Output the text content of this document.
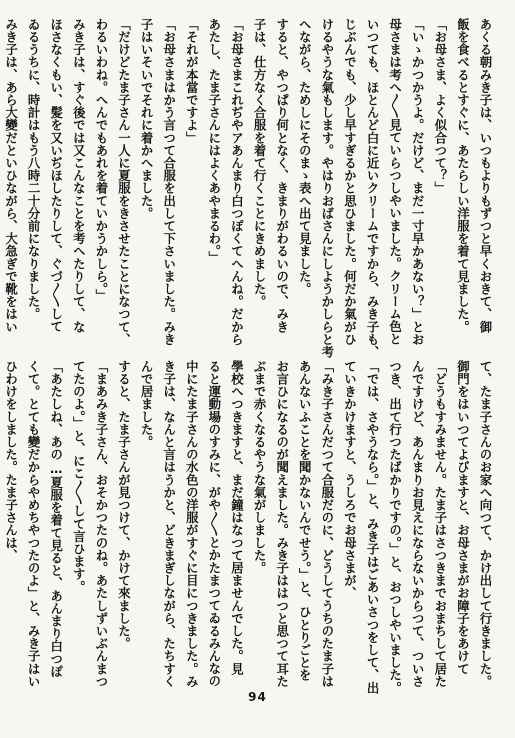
あくる朝みき子は、いつもよりもずつと早くおきて、御
飯を食べるとすぐに、あたらしい洋服を着て見ました。
「お母さま、よく似合つて？」
「いゝかつかうよ。だけど、まだ一寸早かあない？」とお
母さまは考へ〳〵見ていらつしやいました。クリーム色と
いつても、ほとんど白に近いクリームですから、みき子も、
じぶんでも、少し早すぎるかと思ひました。何だか氣がひ
けるやうな氣もします。やはりおばさんにしようかしらと考
へながら、ためしにそのまゝ表へ出て見ました。
すると、やつぱり何となく、きまりがわるいので、みき
子は、仕方なく合服を着て行くことにきめました。
「お母さまこれぢやアあんまり白つぽくてへんね。だから
あたし、たま子さんにはよくあやまるわ。」
「それが本當ですよ」
「お母さまはかう言つて合服を出して下さいました。みき
子はいそいでそれに着かへました。
「だけどたま子さん一人に夏服をきさせたことになつて、
わるいわね。へんでもあれを着ていかうかしら。」
みき子は、すぐ後では又こんなことを考へたりして、な
ほさなくもい、髪を又いぢほしたりして、ぐづ〳〵して
ゐるうちに、時計はもう八時二十分前になりました。
みき子は、あら大變だといひながら、大急ぎで靴をはい
て、たま子さんのお家へ向つて、かけ出して行きました。
御門をはいつてよびますと、お母さまがお障子をあけて
「どうもすみません。たま子はさつきまでおまちして居た
んですけど、あんまりお見えにならないからつて、ついさ
つき、出て行つたばかりですの。」と、おつしやいました。
「では、さやうなら。」と、みき子はごあいさつをして、出
ていきかけますと、うしろでお母さまが、
「みき子さんだつて合服だのに、どうしてうちのたま子は
あんないふことを聞かないんでせう。」と、ひとりごとを
お言ひになるのが聞えました。みき子ははつと思つて耳た
ぶまで赤くなるやうな氣がしました。
學校へつきますと、まだ鐘はなつて居ませんでした。見
ると運動場のすみに、がや〳〵とかたまつてゐるみんなの
中にたま子さんの水色の洋服がすぐに目につきました。み
き子は、なんと言はうかと、どきまぎしながら、たちすく
んで居ました。
すると、たま子さんが見つけて、かけて來ました。
「まあみき子さん、おそかつたのね。あたしずいぶんまつ
てたのよ。」と、にこ〳〵して言ひます。
「あたしね、あの…夏服を着て見ると、あんまり白つぽ
くて。とても變だからやめちやつたのよ」と、みき子はい
ひわけをしました。たま子さんは、
94
